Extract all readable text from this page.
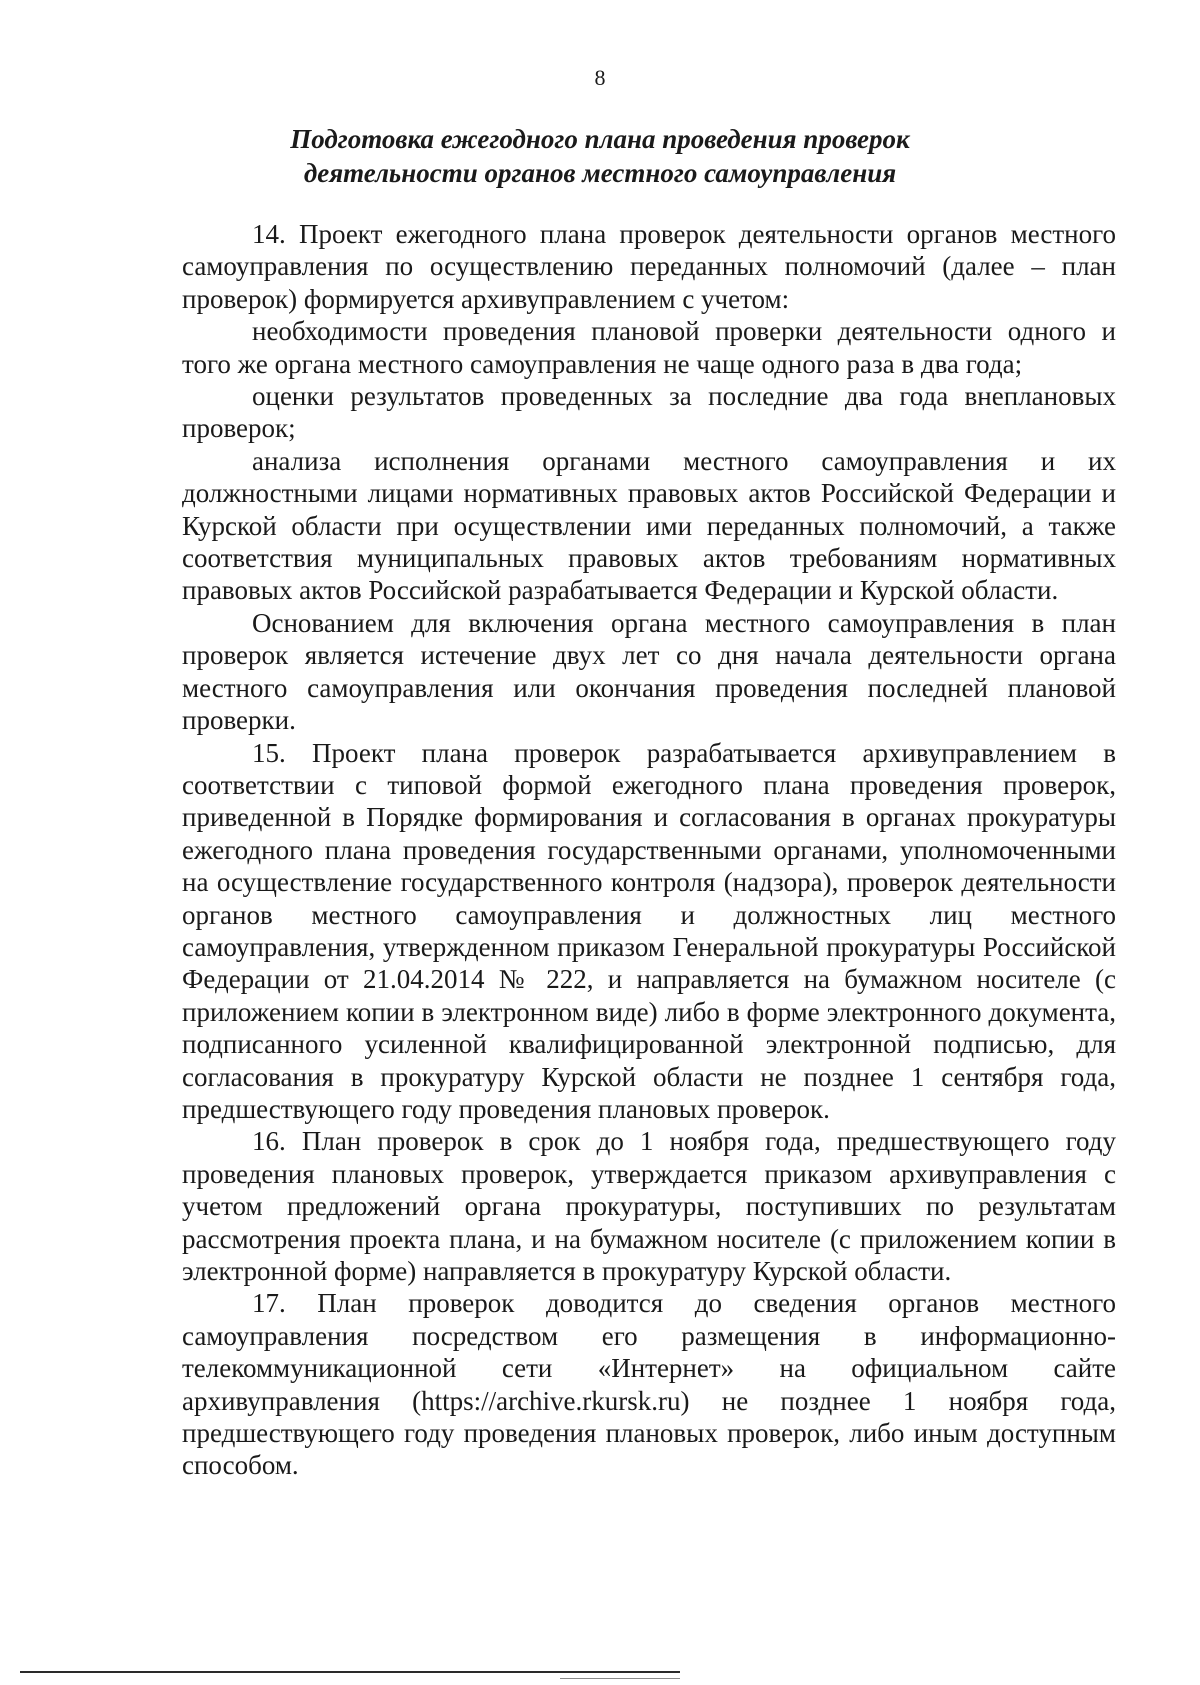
8
Подготовка ежегодного плана проведения проверок
деятельности органов местного самоуправления

14. Проект ежегодного плана проверок деятельности органов местного самоуправления по осуществлению переданных полномочий (далее – план проверок) формируется архивуправлением с учетом:

необходимости проведения плановой проверки деятельности одного и того же органа местного самоуправления не чаще одного раза в два года;

оценки результатов проведенных за последние два года внеплановых проверок;

анализа исполнения органами местного самоуправления и их должностными лицами нормативных правовых актов Российской Федерации и Курской области при осуществлении ими переданных полномочий, а также соответствия муниципальных правовых актов требованиям нормативных правовых актов Российской разрабатывается Федерации и Курской области.

Основанием для включения органа местного самоуправления в план проверок является истечение двух лет со дня начала деятельности органа местного самоуправления или окончания проведения последней плановой проверки.

15. Проект плана проверок разрабатывается архивуправлением в соответствии с типовой формой ежегодного плана проведения проверок, приведенной в Порядке формирования и согласования в органах прокуратуры ежегодного плана проведения государственными органами, уполномоченными на осуществление государственного контроля (надзора), проверок деятельности органов местного самоуправления и должностных лиц местного самоуправления, утвержденном приказом Генеральной прокуратуры Российской Федерации от 21.04.2014 № 222, и направляется на бумажном носителе (с приложением копии в электронном виде) либо в форме электронного документа, подписанного усиленной квалифицированной электронной подписью, для согласования в прокуратуру Курской области не позднее 1 сентября года, предшествующего году проведения плановых проверок.

16. План проверок в срок до 1 ноября года, предшествующего году проведения плановых проверок, утверждается приказом архивуправления с учетом предложений органа прокуратуры, поступивших по результатам рассмотрения проекта плана, и на бумажном носителе (с приложением копии в электронной форме) направляется в прокуратуру Курской области.

17. План проверок доводится до сведения органов местного самоуправления посредством его размещения в информационно-телекоммуникационной сети «Интернет» на официальном сайте архивуправления (https://archive.rkursk.ru) не позднее 1 ноября года, предшествующего году проведения плановых проверок, либо иным доступным способом.
